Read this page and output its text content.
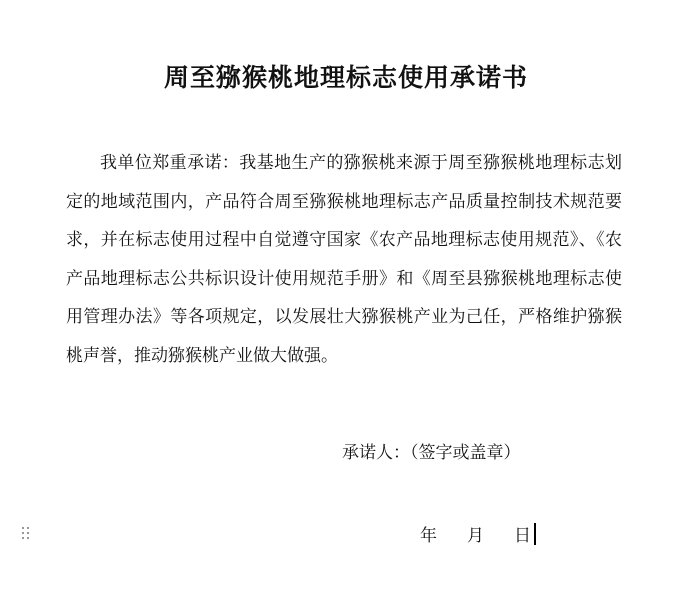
周至猕猴桃地理标志使用承诺书

我单位郑重承诺：我基地生产的猕猴桃来源于周至猕猴桃地理标志划定的地域范围内，产品符合周至猕猴桃地理标志产品质量控制技术规范要求，并在标志使用过程中自觉遵守国家《农产品地理标志使用规范》、《农产品地理标志公共标识设计使用规范手册》和《周至县猕猴桃地理标志使用管理办法》等各项规定，以发展壮大猕猴桃产业为己任，严格维护猕猴桃声誉，推动猕猴桃产业做大做强。

承诺人：（签字或盖章）

年 月 日
